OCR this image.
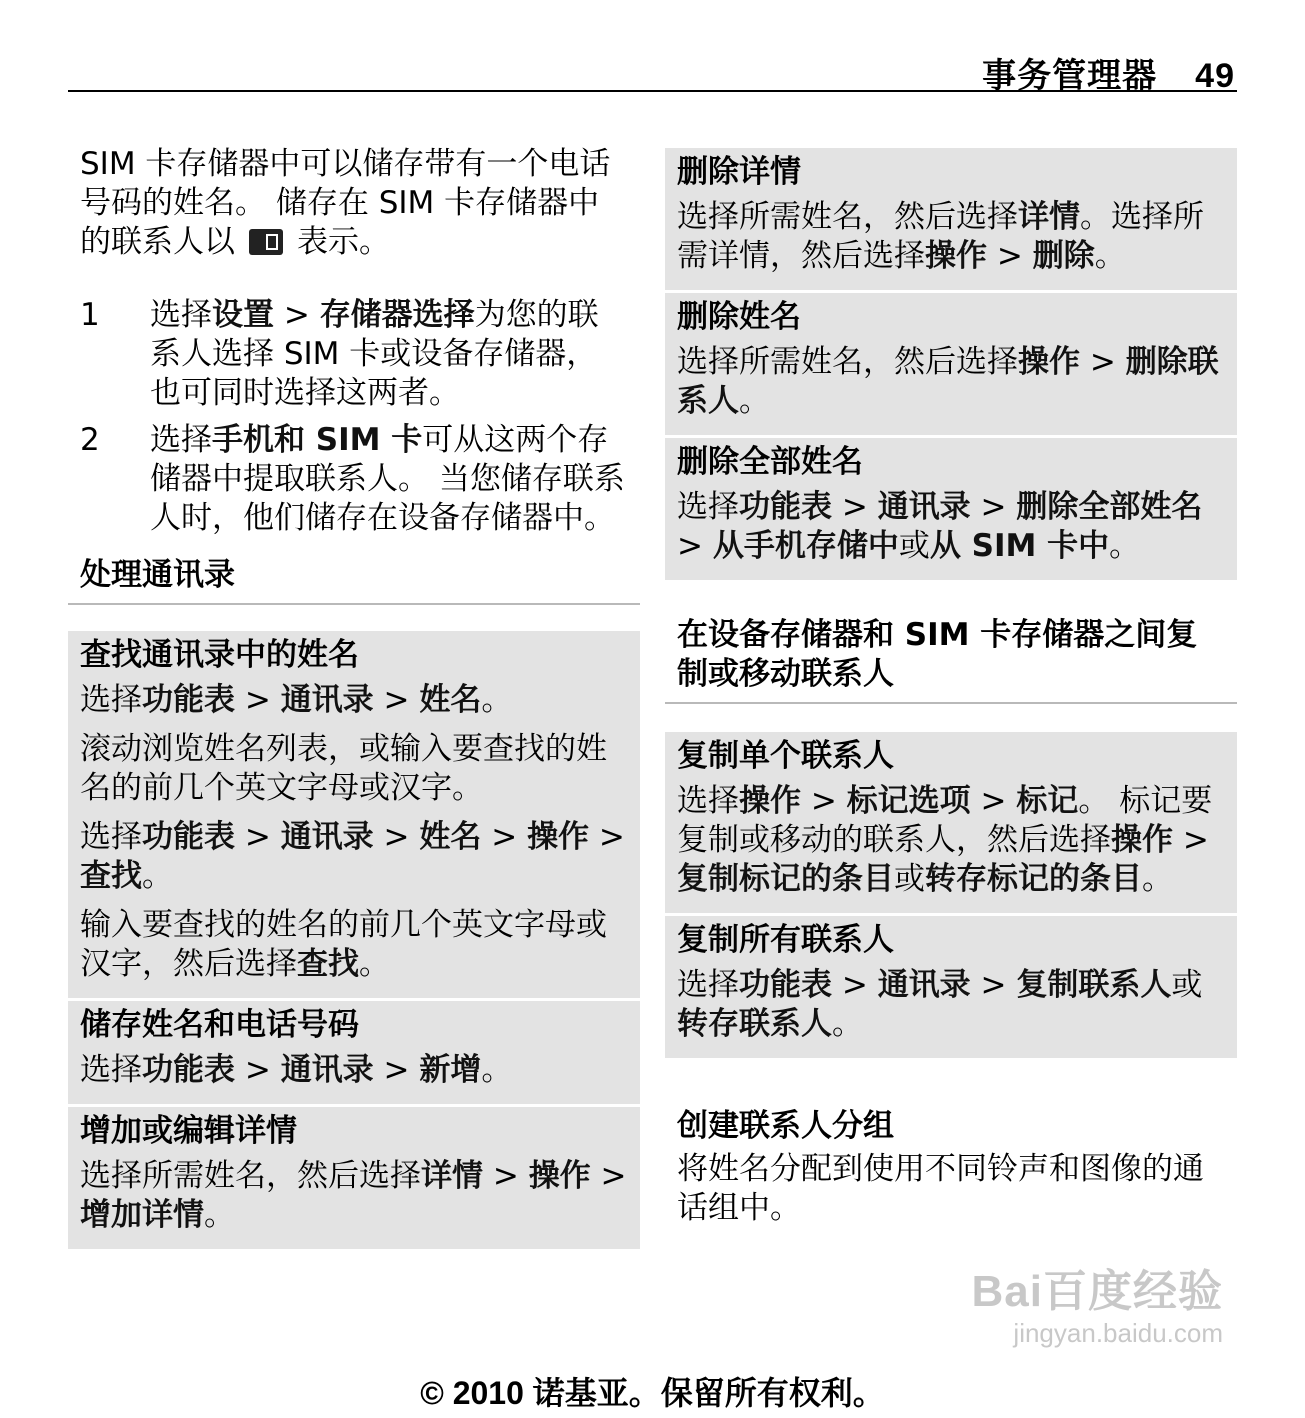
事务管理器 49

SIM 卡存储器中可以储存带有一个电话号码的姓名。 储存在 SIM 卡存储器中的联系人以 表示。

1 选择设置 > 存储器选择为您的联系人选择 SIM 卡或设备存储器，也可同时选择这两者。
2 选择手机和 SIM 卡可从这两个存储器中提取联系人。 当您储存联系人时，他们储存在设备存储器中。
处理通讯录
查找通讯录中的姓名

选择功能表 > 通讯录 > 姓名。

滚动浏览姓名列表，或输入要查找的姓名的前几个英文字母或汉字。

选择功能表 > 通讯录 > 姓名 > 操作 > 查找。

输入要查找的姓名的前几个英文字母或汉字，然后选择查找。

储存姓名和电话号码

选择功能表 > 通讯录 > 新增。

增加或编辑详情

选择所需姓名，然后选择详情 > 操作 > 增加详情。

删除详情

选择所需姓名，然后选择详情。选择所需详情，然后选择操作 > 删除。

删除姓名

选择所需姓名，然后选择操作 > 删除联系人。

删除全部姓名

选择功能表 > 通讯录 > 删除全部姓名 > 从手机存储中或从 SIM 卡中。

在设备存储器和 SIM 卡存储器之间复制或移动联系人
复制单个联系人

选择操作 > 标记选项 > 标记。 标记要复制或移动的联系人，然后选择操作 > 复制标记的条目或转存标记的条目。

复制所有联系人

选择功能表 > 通讯录 > 复制联系人或转存联系人。

创建联系人分组

将姓名分配到使用不同铃声和图像的通话组中。

Bai百度经验
jingyan.baidu.com
© 2010 诺基亚。保留所有权利。
